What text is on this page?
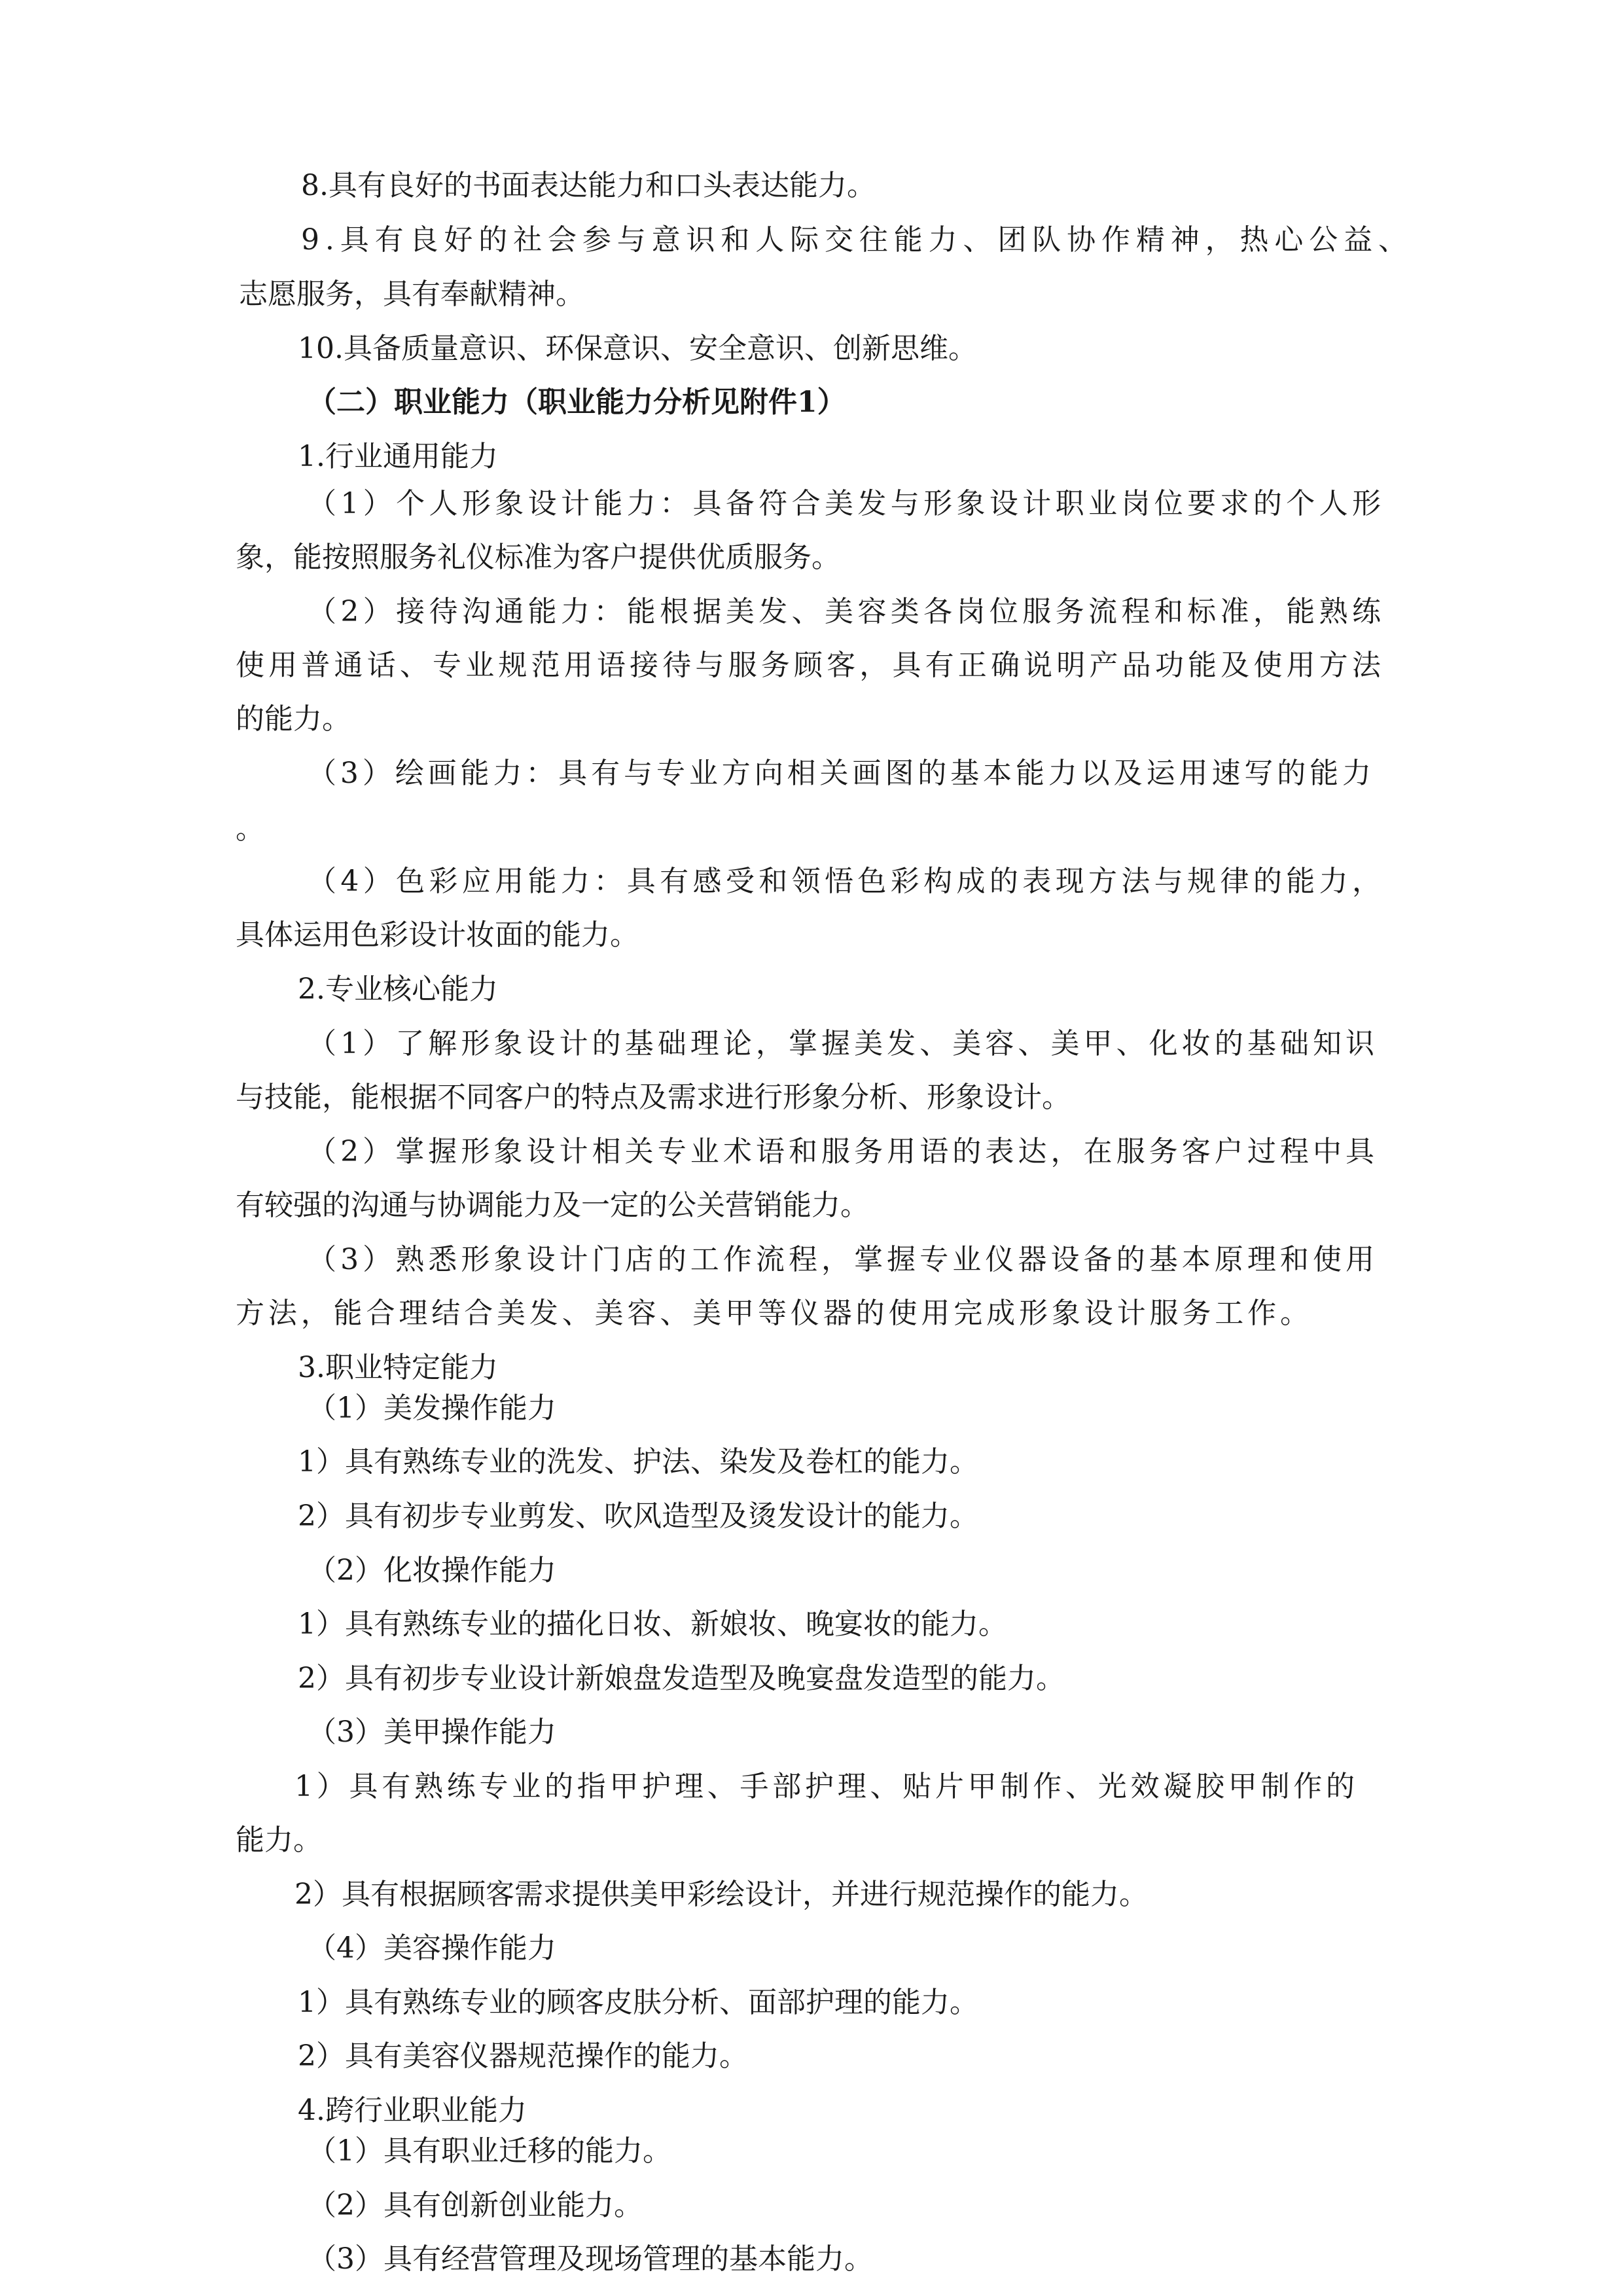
8.具有良好的书面表达能力和口头表达能力。
9 . 具 有 良 好 的 社 会 参 与 意 识 和 人 际 交 往 能 力 、 团 队 协 作 精 神 ， 热 心 公 益 、
志愿服务，具有奉献精神。
10.具备质量意识、环保意识、安全意识、创新思维。
（二）职业能力（职业能力分析见附件1）
1.行业通用能力
（ 1 ） 个 人 形 象 设 计 能 力 ： 具 备 符 合 美 发 与 形 象 设 计 职 业 岗 位 要 求 的 个 人 形
象，能按照服务礼仪标准为客户提供优质服务。
（ 2 ） 接 待 沟 通 能 力 ： 能 根 据 美 发 、 美 容 类 各 岗 位 服 务 流 程 和 标 准 ， 能 熟 练
使 用 普 通 话 、 专 业 规 范 用 语 接 待 与 服 务 顾 客 ， 具 有 正 确 说 明 产 品 功 能 及 使 用 方 法
的能力。
（ 3 ） 绘 画 能 力 ： 具 有 与 专 业 方 向 相 关 画 图 的 基 本 能 力 以 及 运 用 速 写 的 能 力
。
（ 4 ） 色 彩 应 用 能 力 ： 具 有 感 受 和 领 悟 色 彩 构 成 的 表 现 方 法 与 规 律 的 能 力 ，
具体运用色彩设计妆面的能力。
2.专业核心能力
（ 1 ） 了 解 形 象 设 计 的 基 础 理 论 ， 掌 握 美 发 、 美 容 、 美 甲 、 化 妆 的 基 础 知 识
与技能，能根据不同客户的特点及需求进行形象分析、形象设计。
（ 2 ） 掌 握 形 象 设 计 相 关 专 业 术 语 和 服 务 用 语 的 表 达 ， 在 服 务 客 户 过 程 中 具
有较强的沟通与协调能力及一定的公关营销能力。
（ 3 ） 熟 悉 形 象 设 计 门 店 的 工 作 流 程 ， 掌 握 专 业 仪 器 设 备 的 基 本 原 理 和 使 用
方 法 ， 能 合 理 结 合 美 发 、 美 容 、 美 甲 等 仪 器 的 使 用 完 成 形 象 设 计 服 务 工 作 。
3.职业特定能力
（1）美发操作能力
1）具有熟练专业的洗发、护法、染发及卷杠的能力。
2）具有初步专业剪发、吹风造型及烫发设计的能力。
（2）化妆操作能力
1）具有熟练专业的描化日妆、新娘妆、晚宴妆的能力。
2）具有初步专业设计新娘盘发造型及晚宴盘发造型的能力。
（3）美甲操作能力
1 ） 具 有 熟 练 专 业 的 指 甲 护 理 、 手 部 护 理 、 贴 片 甲 制 作 、 光 效 凝 胶 甲 制 作 的
能力。
2）具有根据顾客需求提供美甲彩绘设计，并进行规范操作的能力。
（4）美容操作能力
1）具有熟练专业的顾客皮肤分析、面部护理的能力。
2）具有美容仪器规范操作的能力。
4.跨行业职业能力
（1）具有职业迁移的能力。
（2）具有创新创业能力。
（3）具有经营管理及现场管理的基本能力。
